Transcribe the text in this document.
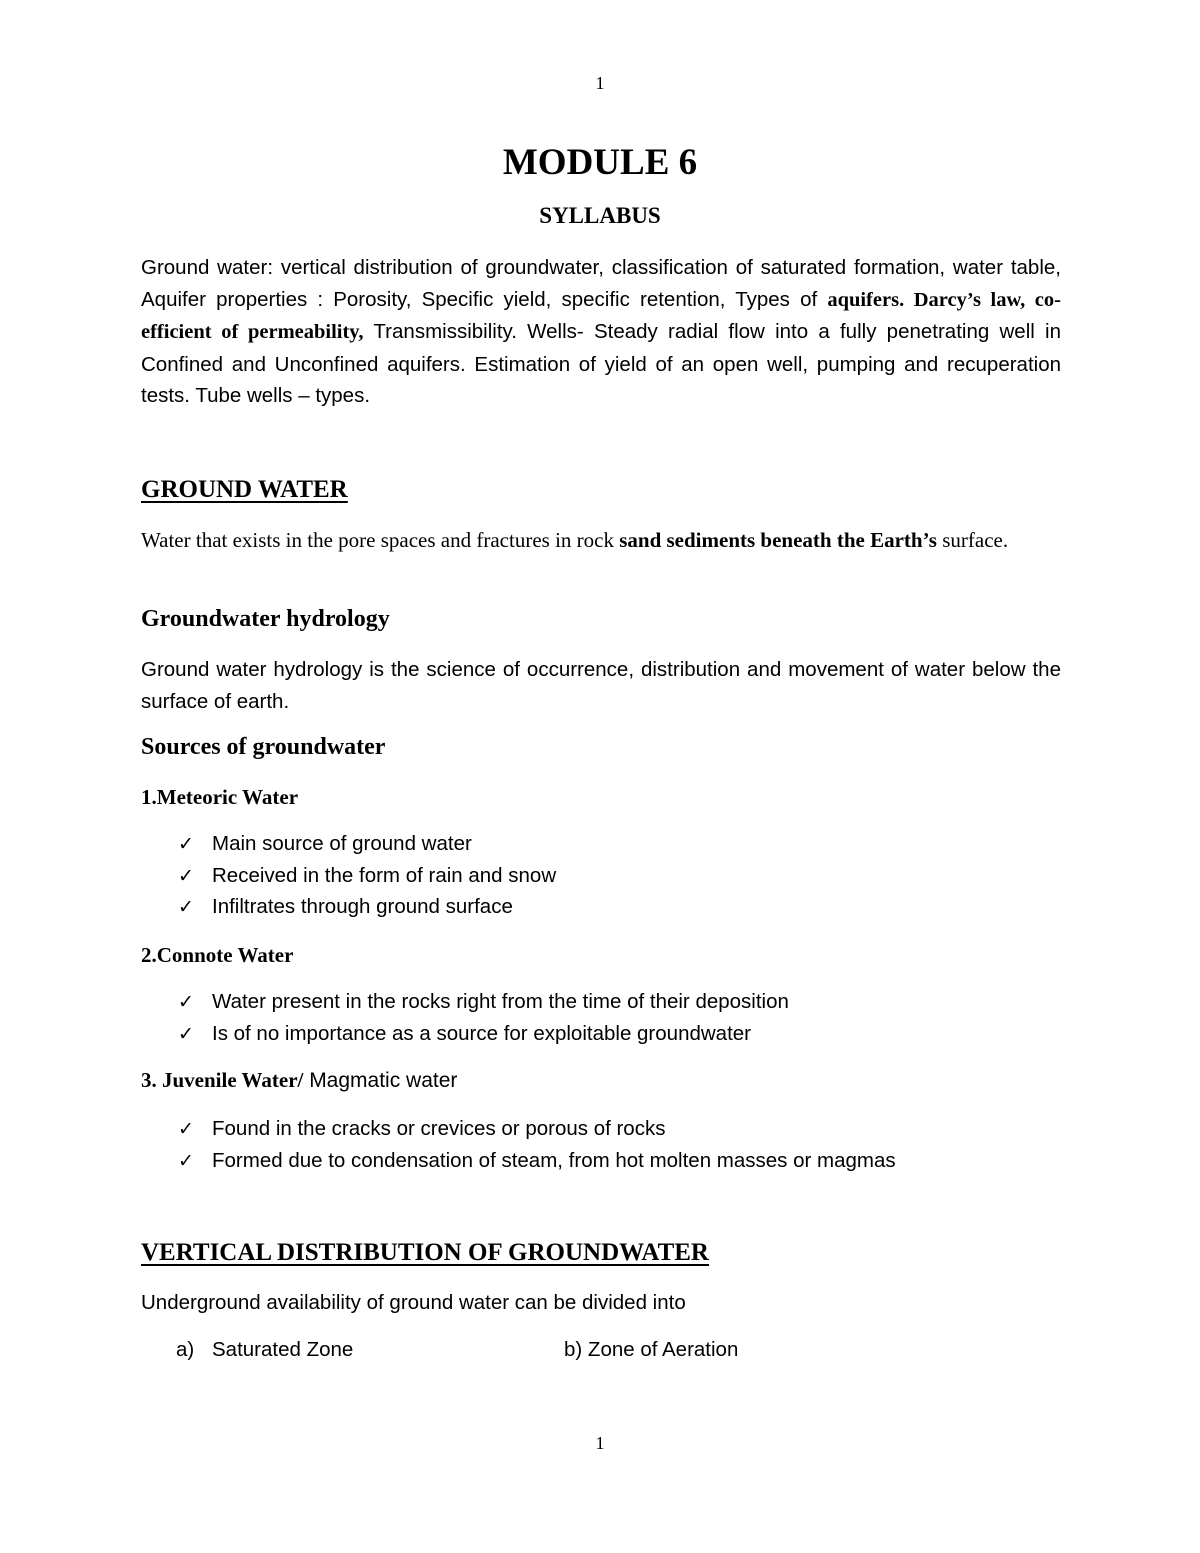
1
MODULE 6
SYLLABUS
Ground water: vertical distribution of groundwater, classification of saturated formation, water table, Aquifer properties : Porosity, Specific yield, specific retention, Types of aquifers. Darcy’s law, co-efficient of permeability, Transmissibility. Wells- Steady radial flow into a fully penetrating well in Confined and Unconfined aquifers. Estimation of yield of an open well, pumping and recuperation tests. Tube wells – types.
GROUND WATER
Water that exists in the pore spaces and fractures in rock sand sediments beneath the Earth’s surface.
Groundwater hydrology
Ground water hydrology is the science of occurrence, distribution and movement of water below the surface of earth.
Sources of groundwater
1.Meteoric Water
✓ Main source of ground water
✓ Received in the form of rain and snow
✓ Infiltrates through ground surface
2.Connote Water
✓ Water present in the rocks right from the time of their deposition
✓ Is of no importance as a source for exploitable groundwater
3. Juvenile Water/ Magmatic water
✓ Found in the cracks or crevices or porous of rocks
✓ Formed due to condensation of steam, from hot molten masses or magmas
VERTICAL DISTRIBUTION OF GROUNDWATER
Underground availability of ground water can be divided into
a) Saturated Zone	b) Zone of Aeration
1
